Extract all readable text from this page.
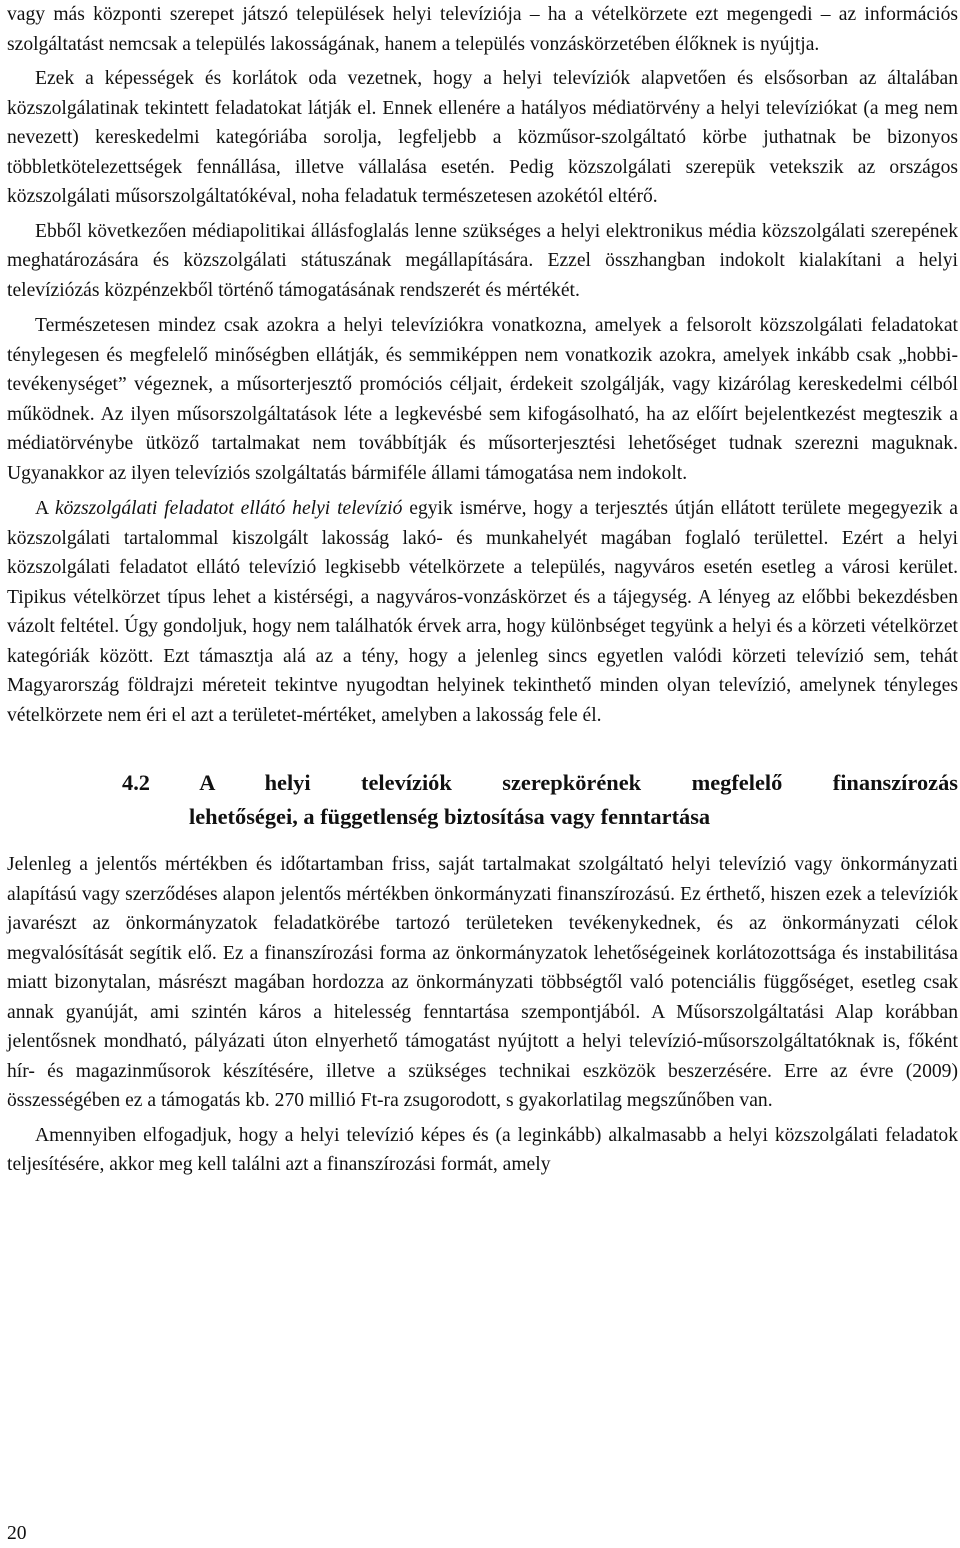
vagy más központi szerepet játszó települések helyi televíziója – ha a vételkörzete ezt megengedi – az információs szolgáltatást nemcsak a település lakosságának, hanem a település vonzáskörzetében élőknek is nyújtja.

Ezek a képességek és korlátok oda vezetnek, hogy a helyi televíziók alapvetően és elsősorban az általában közszolgálatinak tekintett feladatokat látják el. Ennek ellenére a hatályos médiatörvény a helyi televíziókat (a meg nem nevezett) kereskedelmi kategóriába sorolja, legfeljebb a közműsor-szolgáltató körbe juthatnak be bizonyos többletkötelezettségek fennállása, illetve vállalása esetén. Pedig közszolgálati szerepük vetekszik az országos közszolgálati műsorszolgáltatókéval, noha feladatuk természetesen azokétól eltérő.

Ebből következően médiapolitikai állásfoglalás lenne szükséges a helyi elektronikus média közszolgálati szerepének meghatározására és közszolgálati státuszának megállapítására. Ezzel összhangban indokolt kialakítani a helyi televíziózás közpénzekből történő támogatásának rendszerét és mértékét.

Természetesen mindez csak azokra a helyi televíziókra vonatkozna, amelyek a felsorolt közszolgálati feladatokat ténylegesen és megfelelő minőségben ellátják, és semmiképpen nem vonatkozik azokra, amelyek inkább csak „hobbi-tevékenységet” végeznek, a műsorterjesztő promóciós céljait, érdekeit szolgálják, vagy kizárólag kereskedelmi célból működnek. Az ilyen műsorszolgáltatások léte a legkevésbé sem kifogásolható, ha az előírt bejelentkezést megteszik a médiatörvénybe ütköző tartalmakat nem továbbítják és műsorterjesztési lehetőséget tudnak szerezni maguknak. Ugyanakkor az ilyen televíziós szolgáltatás bármiféle állami támogatása nem indokolt.

A közszolgálati feladatot ellátó helyi televízió egyik ismérve, hogy a terjesztés útján ellátott területe megegyezik a közszolgálati tartalommal kiszolgált lakosság lakó- és munkahelyét magában foglaló területtel. Ezért a helyi közszolgálati feladatot ellátó televízió legkisebb vételkörzete a település, nagyváros esetén esetleg a városi kerület. Tipikus vételkörzet típus lehet a kistérségi, a nagyváros-vonzáskörzet és a tájegység. A lényeg az előbbi bekezdésben vázolt feltétel. Úgy gondoljuk, hogy nem találhatók érvek arra, hogy különbséget tegyünk a helyi és a körzeti vételkörzet kategóriák között. Ezt támasztja alá az a tény, hogy a jelenleg sincs egyetlen valódi körzeti televízió sem, tehát Magyarország földrajzi méreteit tekintve nyugodtan helyinek tekinthető minden olyan televízió, amelynek tényleges vételkörzete nem éri el azt a területet-mértéket, amelyben a lakosság fele él.

4.2 A helyi televíziók szerepkörének megfelelő finanszírozás
lehetőségei, a függetlenség biztosítása vagy fenntartása

Jelenleg a jelentős mértékben és időtartamban friss, saját tartalmakat szolgáltató helyi televízió vagy önkormányzati alapítású vagy szerződéses alapon jelentős mértékben önkormányzati finanszírozású. Ez érthető, hiszen ezek a televíziók javarészt az önkormányzatok feladatkörébe tartozó területeken tevékenykednek, és az önkormányzati célok megvalósítását segítik elő. Ez a finanszírozási forma az önkormányzatok lehetőségeinek korlátozottsága és instabilitása miatt bizonytalan, másrészt magában hordozza az önkormányzati többségtől való potenciális függőséget, esetleg csak annak gyanúját, ami szintén káros a hitelesség fenntartása szempontjából. A Műsorszolgáltatási Alap korábban jelentősnek mondható, pályázati úton elnyerhető támogatást nyújtott a helyi televízió-műsorszolgáltatóknak is, főként hír- és magazinműsorok készítésére, illetve a szükséges technikai eszközök beszerzésére. Erre az évre (2009) összességében ez a támogatás kb. 270 millió Ft-ra zsugorodott, s gyakorlatilag megszűnőben van.

Amennyiben elfogadjuk, hogy a helyi televízió képes és (a leginkább) alkalmasabb a helyi közszolgálati feladatok teljesítésére, akkor meg kell találni azt a finanszírozási formát, amely

20
